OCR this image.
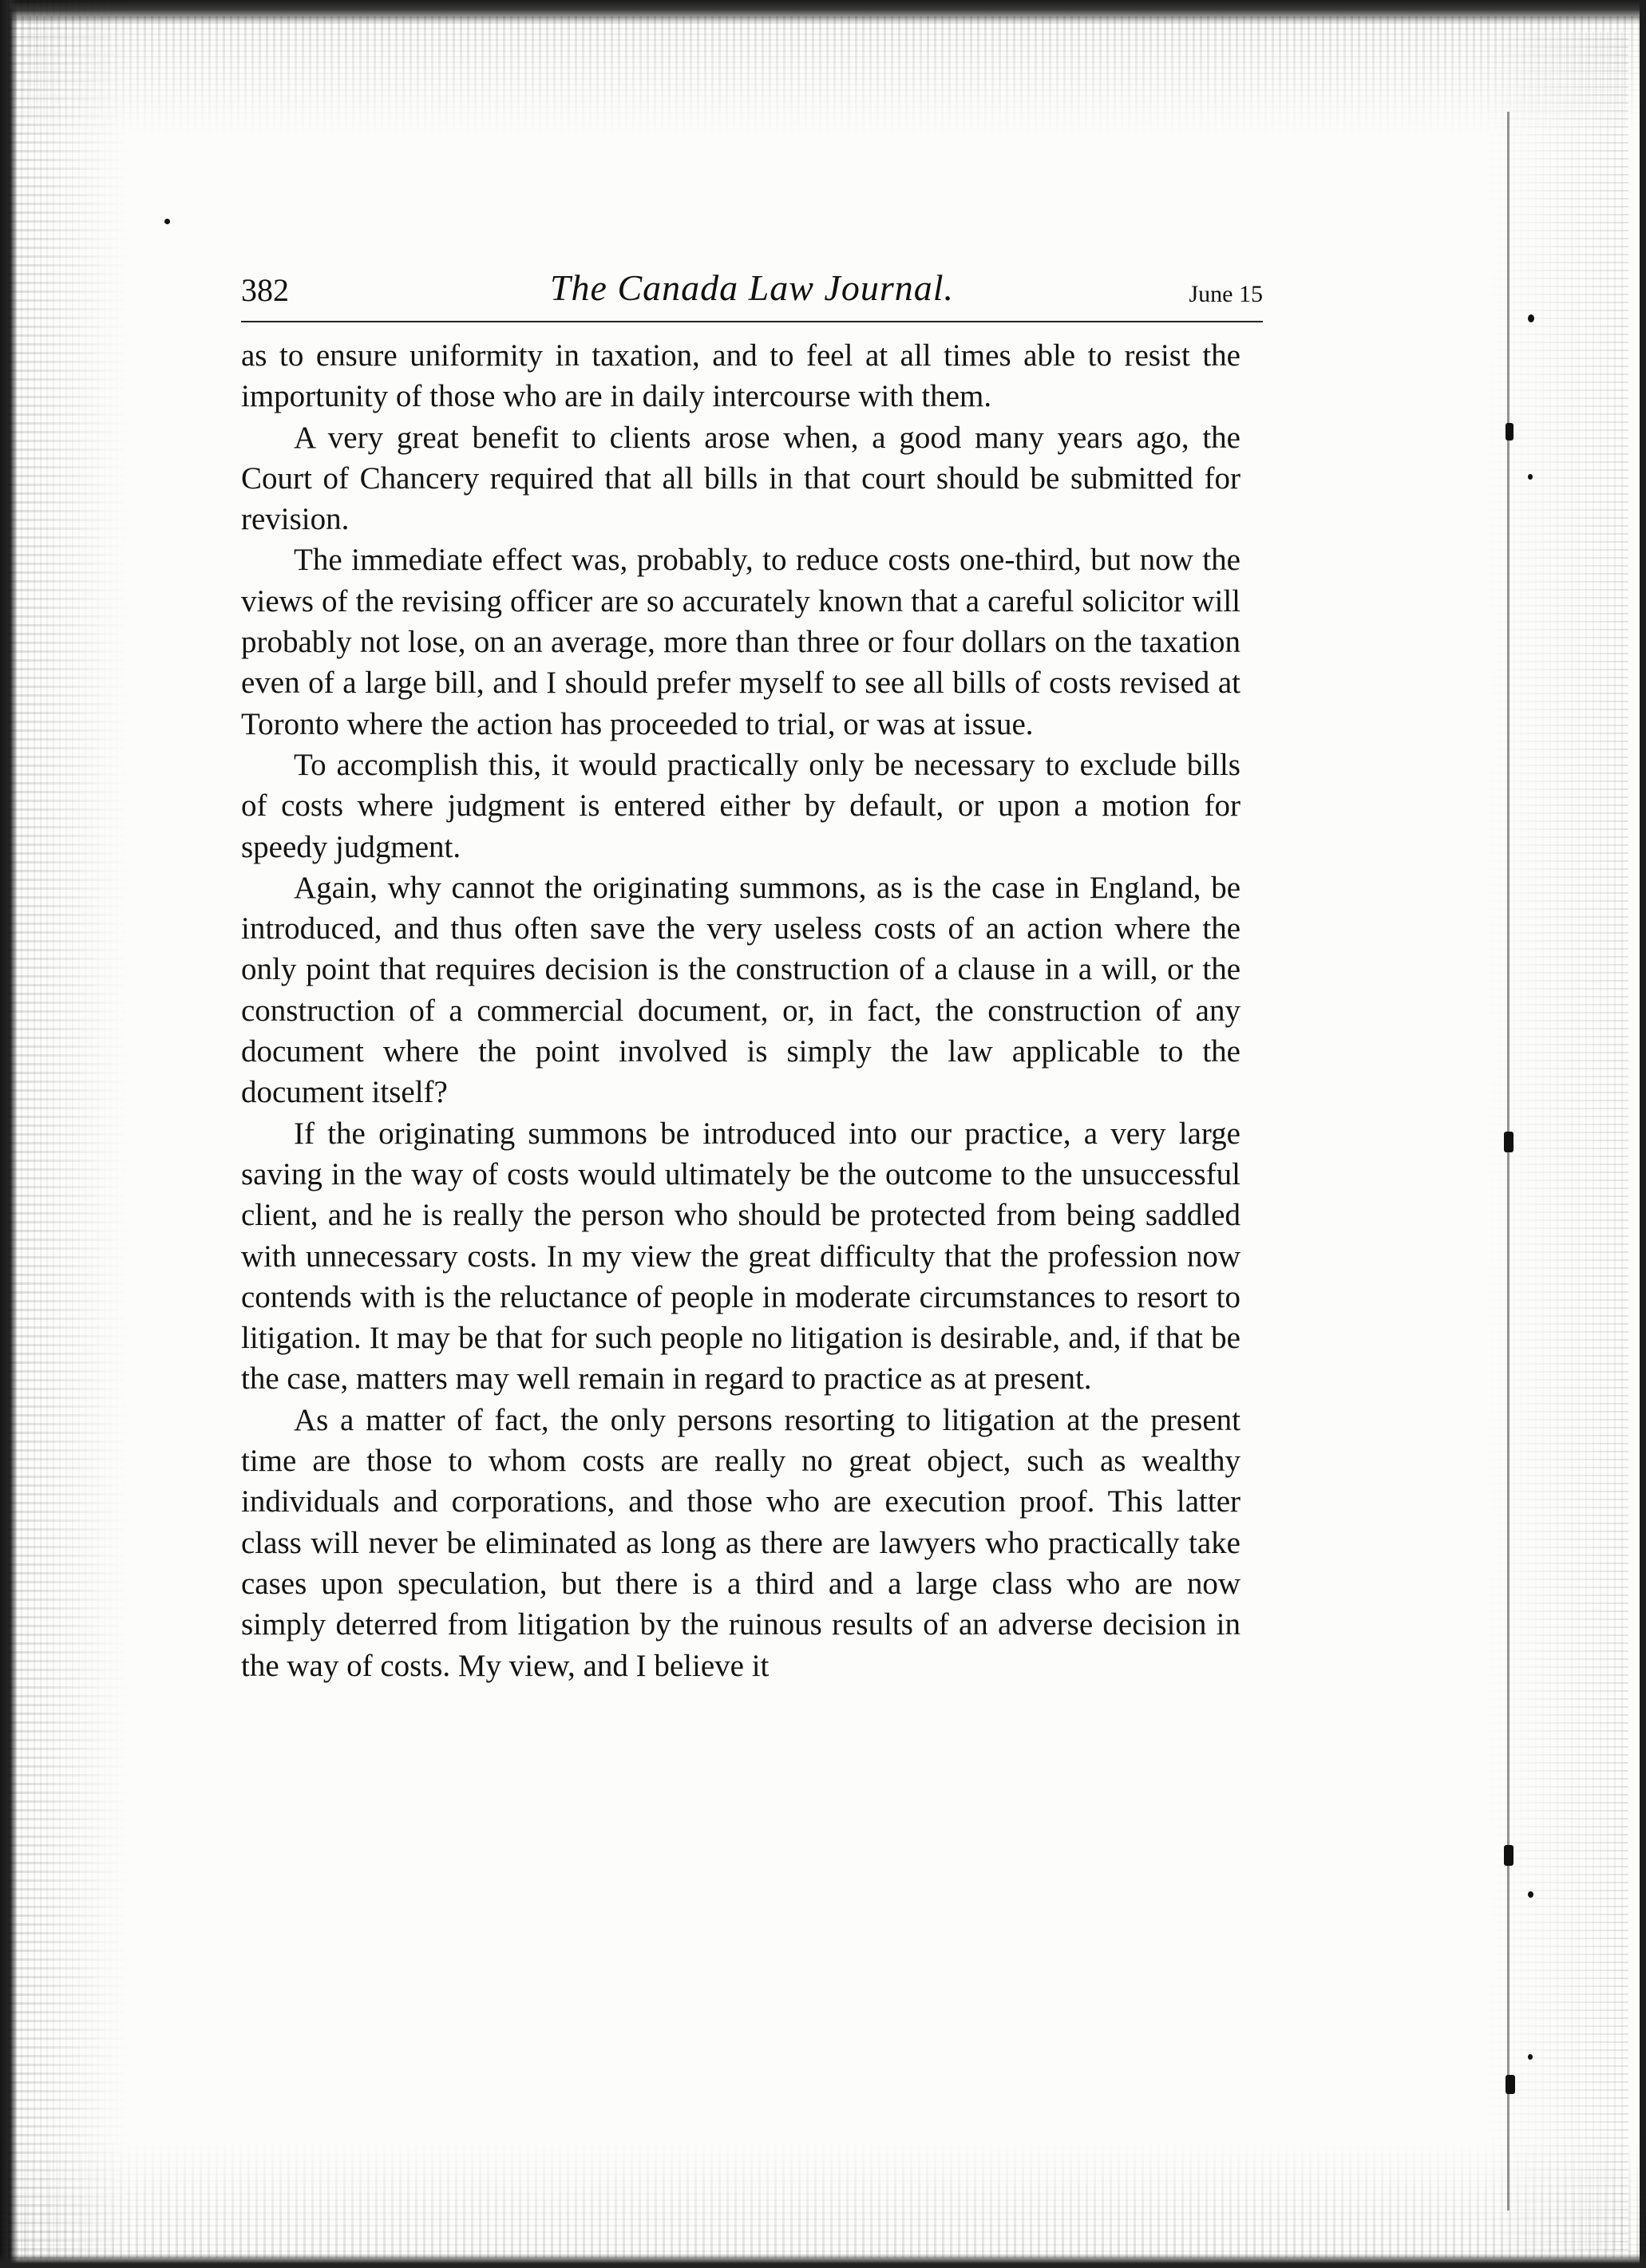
382	The Canada Law Journal.	June 15

as to ensure uniformity in taxation, and to feel at all times able to resist the importunity of those who are in daily intercourse with them.

A very great benefit to clients arose when, a good many years ago, the Court of Chancery required that all bills in that court should be submitted for revision.

The immediate effect was, probably, to reduce costs one-third, but now the views of the revising officer are so accurately known that a careful solicitor will probably not lose, on an average, more than three or four dollars on the taxation even of a large bill, and I should prefer myself to see all bills of costs revised at Toronto where the action has proceeded to trial, or was at issue.

To accomplish this, it would practically only be necessary to exclude bills of costs where judgment is entered either by default, or upon a motion for speedy judgment.

Again, why cannot the originating summons, as is the case in England, be introduced, and thus often save the very useless costs of an action where the only point that requires decision is the construction of a clause in a will, or the construction of a commercial document, or, in fact, the construction of any document where the point involved is simply the law applicable to the document itself?

If the originating summons be introduced into our practice, a very large saving in the way of costs would ultimately be the outcome to the unsuccessful client, and he is really the person who should be protected from being saddled with unnecessary costs. In my view the great difficulty that the profession now contends with is the reluctance of people in moderate circumstances to resort to litigation. It may be that for such people no litigation is desirable, and, if that be the case, matters may well remain in regard to practice as at present.

As a matter of fact, the only persons resorting to litigation at the present time are those to whom costs are really no great object, such as wealthy individuals and corporations, and those who are execution proof. This latter class will never be eliminated as long as there are lawyers who practically take cases upon speculation, but there is a third and a large class who are now simply deterred from litigation by the ruinous results of an adverse decision in the way of costs. My view, and I believe it
